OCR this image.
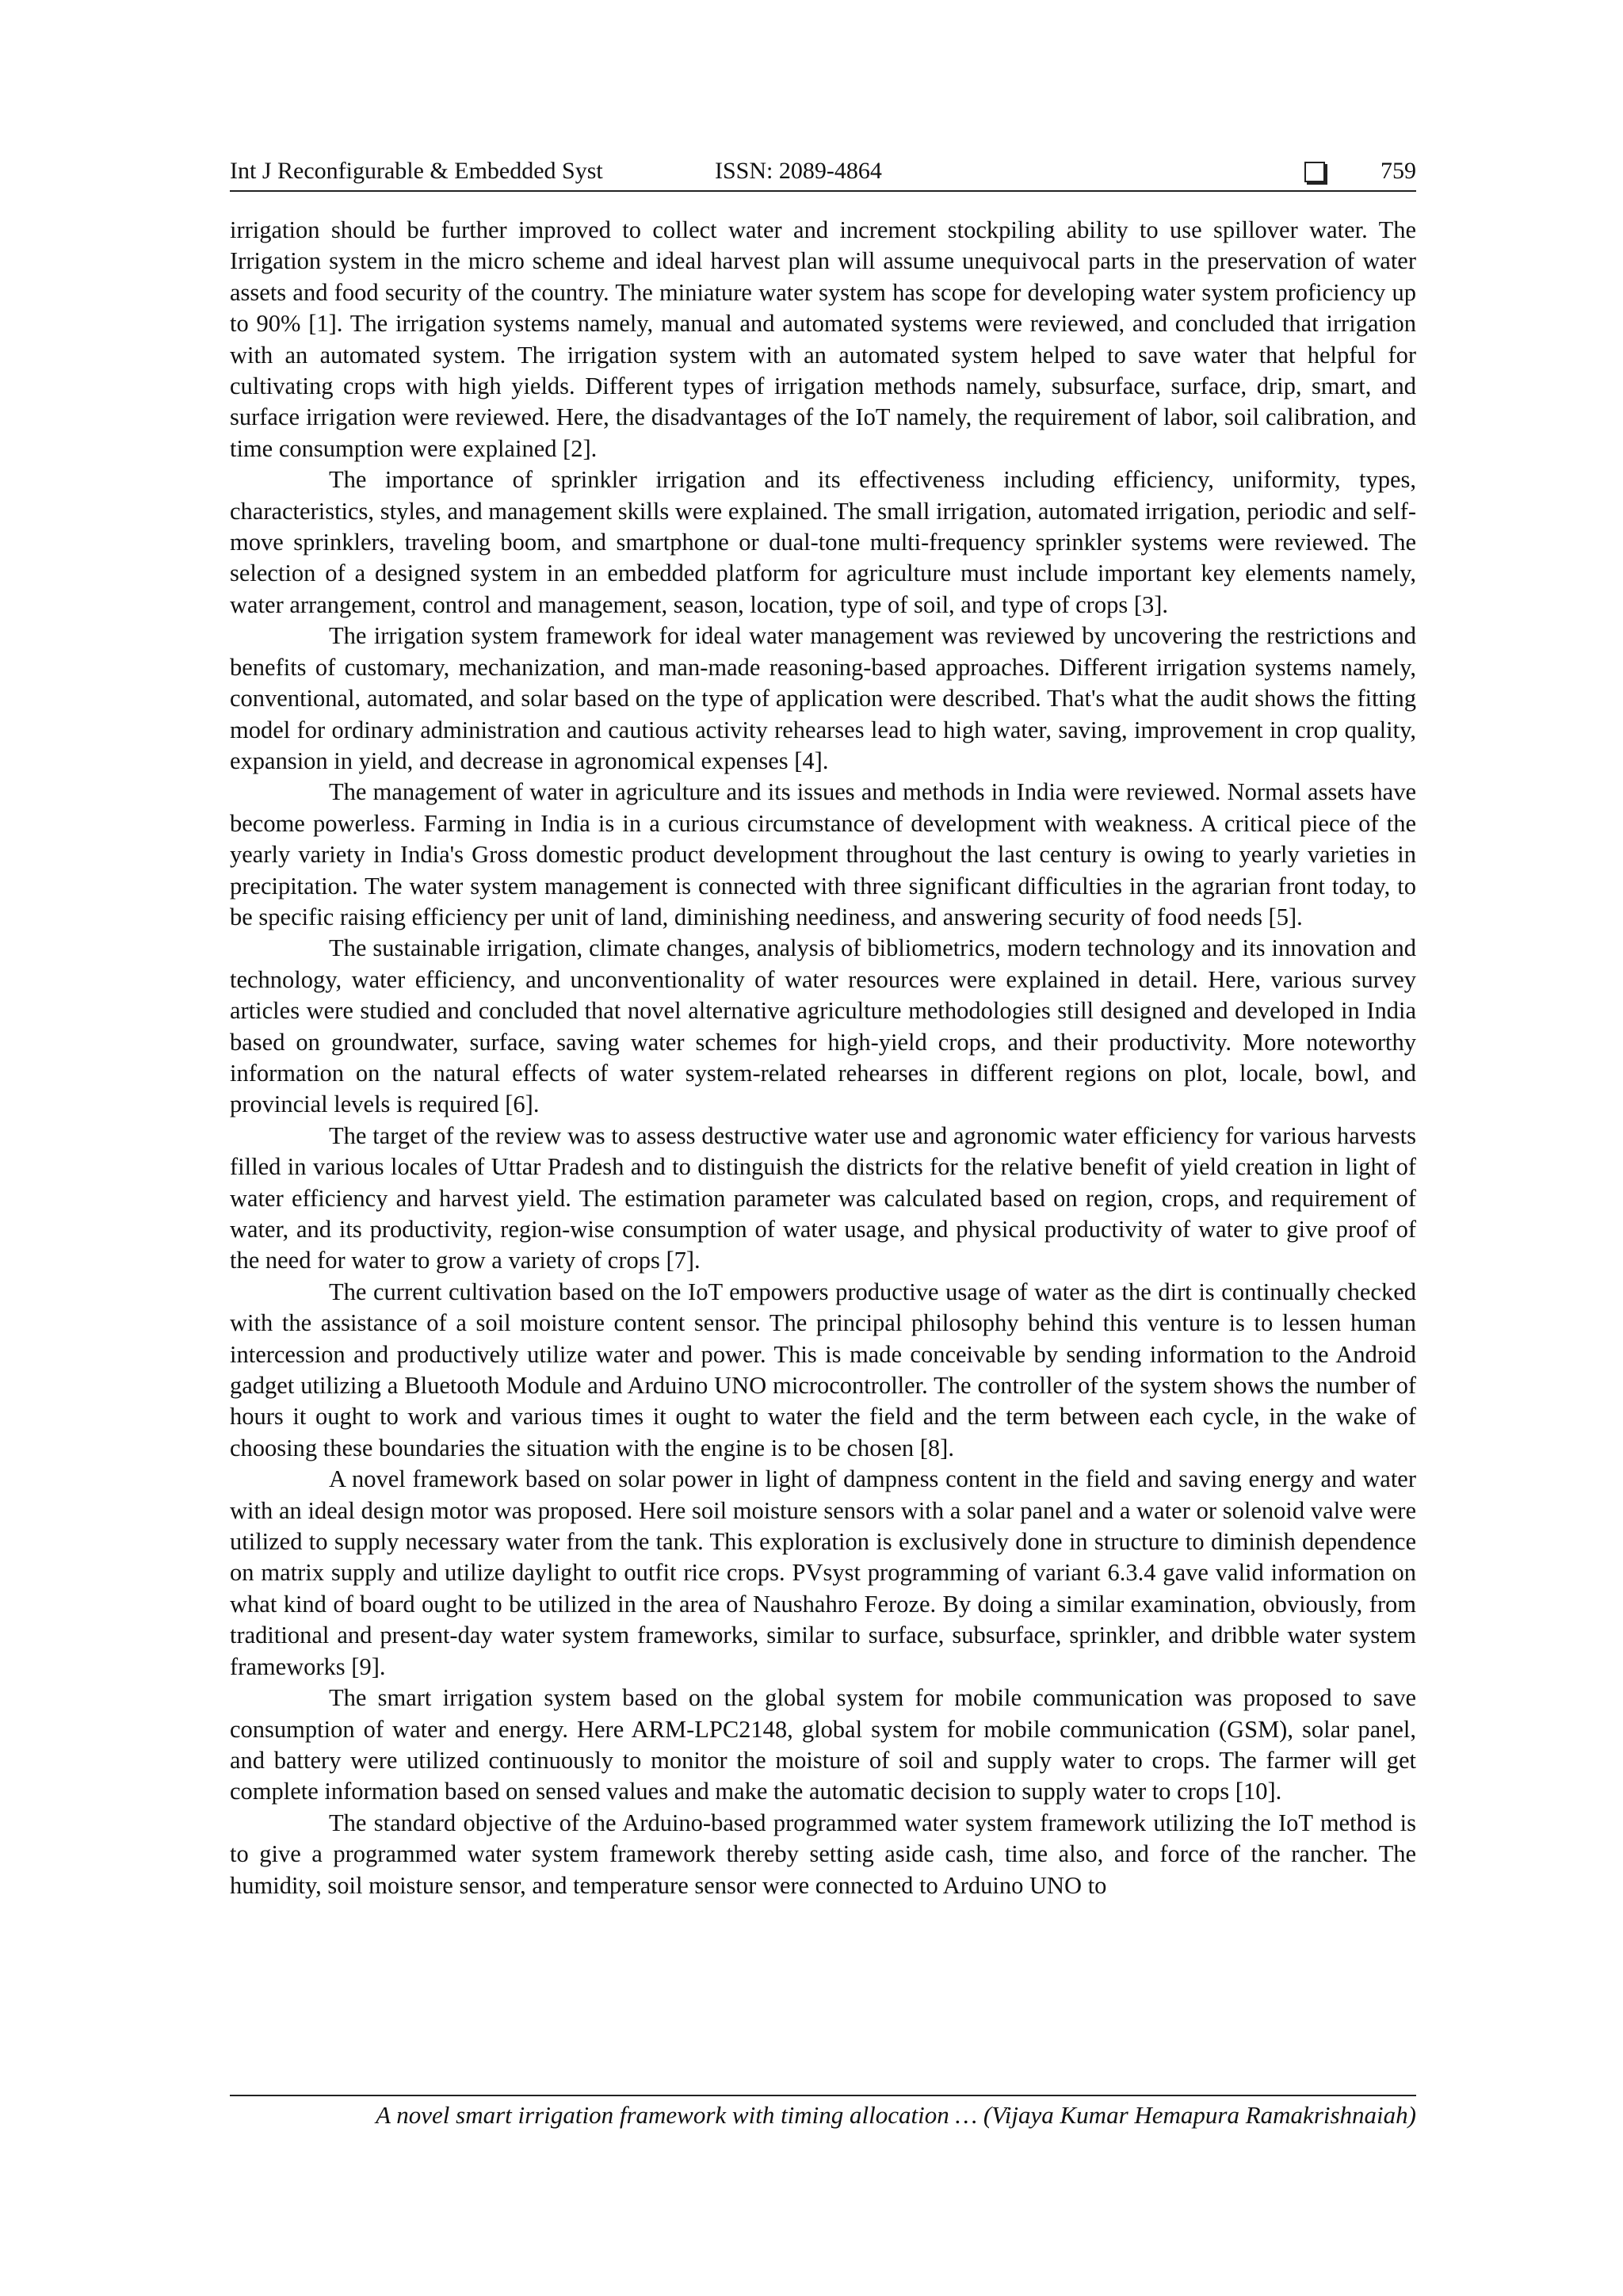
Int J Reconfigurable & Embedded Syst	ISSN: 2089-4864	759

irrigation should be further improved to collect water and increment stockpiling ability to use spillover water. The Irrigation system in the micro scheme and ideal harvest plan will assume unequivocal parts in the preservation of water assets and food security of the country. The miniature water system has scope for developing water system proficiency up to 90% [1]. The irrigation systems namely, manual and automated systems were reviewed, and concluded that irrigation with an automated system. The irrigation system with an automated system helped to save water that helpful for cultivating crops with high yields. Different types of irrigation methods namely, subsurface, surface, drip, smart, and surface irrigation were reviewed. Here, the disadvantages of the IoT namely, the requirement of labor, soil calibration, and time consumption were explained [2].

The importance of sprinkler irrigation and its effectiveness including efficiency, uniformity, types, characteristics, styles, and management skills were explained. The small irrigation, automated irrigation, periodic and self-move sprinklers, traveling boom, and smartphone or dual-tone multi-frequency sprinkler systems were reviewed. The selection of a designed system in an embedded platform for agriculture must include important key elements namely, water arrangement, control and management, season, location, type of soil, and type of crops [3].

The irrigation system framework for ideal water management was reviewed by uncovering the restrictions and benefits of customary, mechanization, and man-made reasoning-based approaches. Different irrigation systems namely, conventional, automated, and solar based on the type of application were described. That's what the audit shows the fitting model for ordinary administration and cautious activity rehearses lead to high water, saving, improvement in crop quality, expansion in yield, and decrease in agronomical expenses [4].

The management of water in agriculture and its issues and methods in India were reviewed. Normal assets have become powerless. Farming in India is in a curious circumstance of development with weakness. A critical piece of the yearly variety in India's Gross domestic product development throughout the last century is owing to yearly varieties in precipitation. The water system management is connected with three significant difficulties in the agrarian front today, to be specific raising efficiency per unit of land, diminishing neediness, and answering security of food needs [5].

The sustainable irrigation, climate changes, analysis of bibliometrics, modern technology and its innovation and technology, water efficiency, and unconventionality of water resources were explained in detail. Here, various survey articles were studied and concluded that novel alternative agriculture methodologies still designed and developed in India based on groundwater, surface, saving water schemes for high-yield crops, and their productivity. More noteworthy information on the natural effects of water system-related rehearses in different regions on plot, locale, bowl, and provincial levels is required [6].

The target of the review was to assess destructive water use and agronomic water efficiency for various harvests filled in various locales of Uttar Pradesh and to distinguish the districts for the relative benefit of yield creation in light of water efficiency and harvest yield. The estimation parameter was calculated based on region, crops, and requirement of water, and its productivity, region-wise consumption of water usage, and physical productivity of water to give proof of the need for water to grow a variety of crops [7].

The current cultivation based on the IoT empowers productive usage of water as the dirt is continually checked with the assistance of a soil moisture content sensor. The principal philosophy behind this venture is to lessen human intercession and productively utilize water and power. This is made conceivable by sending information to the Android gadget utilizing a Bluetooth Module and Arduino UNO microcontroller. The controller of the system shows the number of hours it ought to work and various times it ought to water the field and the term between each cycle, in the wake of choosing these boundaries the situation with the engine is to be chosen [8].

A novel framework based on solar power in light of dampness content in the field and saving energy and water with an ideal design motor was proposed. Here soil moisture sensors with a solar panel and a water or solenoid valve were utilized to supply necessary water from the tank. This exploration is exclusively done in structure to diminish dependence on matrix supply and utilize daylight to outfit rice crops. PVsyst programming of variant 6.3.4 gave valid information on what kind of board ought to be utilized in the area of Naushahro Feroze. By doing a similar examination, obviously, from traditional and present-day water system frameworks, similar to surface, subsurface, sprinkler, and dribble water system frameworks [9].

The smart irrigation system based on the global system for mobile communication was proposed to save consumption of water and energy. Here ARM-LPC2148, global system for mobile communication (GSM), solar panel, and battery were utilized continuously to monitor the moisture of soil and supply water to crops. The farmer will get complete information based on sensed values and make the automatic decision to supply water to crops [10].

The standard objective of the Arduino-based programmed water system framework utilizing the IoT method is to give a programmed water system framework thereby setting aside cash, time also, and force of the rancher. The humidity, soil moisture sensor, and temperature sensor were connected to Arduino UNO to

A novel smart irrigation framework with timing allocation … (Vijaya Kumar Hemapura Ramakrishnaiah)
